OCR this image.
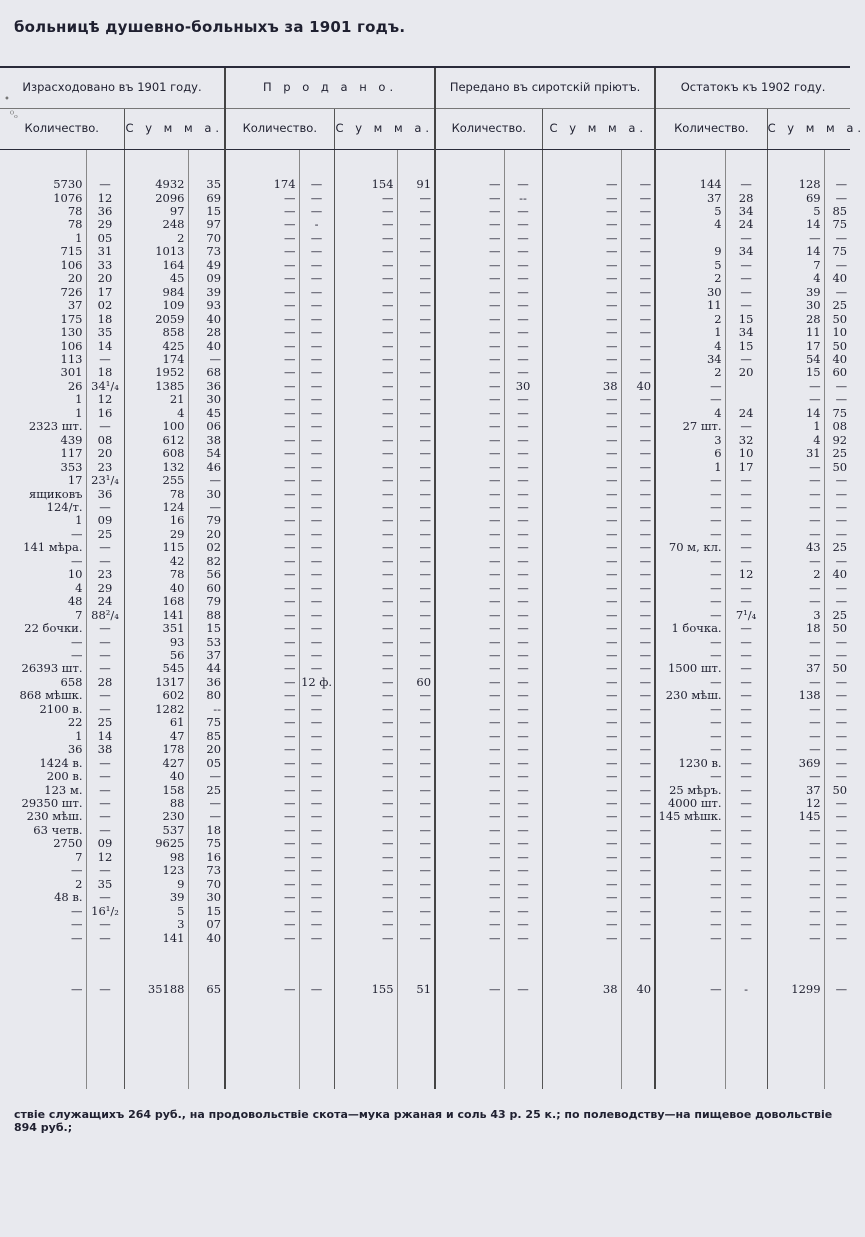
больницѣ душевно-больныхъ за 1901 годъ.
•
⁰ₒ
Израсходовано въ 1901 году.				П р о д а н о.				Передано въ сиротскій пріютъ.				Остатокъ къ 1902 году.			
Количество.		С у м м а.		Количество.		С у м м а.		Количество.		С у м м а.		Количество.		С у м м а.	

5730	—	4932	35	174	—	154	91	—	—	—	—	144	—	128	—
1076	12	2096	69	—	—	—	—	—	--	—	—	37	28	69	—
78	36	97	15	—	—	—	—	—	—	—	—	5	34	5	85
78	29	248	97	—	-	—	—	—	—	—	—	4	24	14	75
1	05	2	70	—	—	—	—	—	—	—	—		—	—	—
715	31	1013	73	—	—	—	—	—	—	—	—	9	34	14	75
106	33	164	49	—	—	—	—	—	—	—	—	5	—	7	—
20	20	45	09	—	—	—	—	—	—	—	—	2	—	4	40
726	17	984	39	—	—	—	—	—	—	—	—	30	—	39	—
37	02	109	93	—	—	—	—	—	—	—	—	11	—	30	25
175	18	2059	40	—	—	—	—	—	—	—	—	2	15	28	50
130	35	858	28	—	—	—	—	—	—	—	—	1	34	11	10
106	14	425	40	—	—	—	—	—	—	—	—	4	15	17	50
113	—	174	—	—	—	—	—	—	—	—	—	34	—	54	40
301	18	1952	68	—	—	—	—	—	—	—	—	2	20	15	60
26	34¹/₄	1385	36	—	—	—	—	—	30	38	40	—		—	—
1	12	21	30	—	—	—	—	—	—	—	—	—		—	—
1	16	4	45	—	—	—	—	—	—	—	—	4	24	14	75
2323 шт.	—	100	06	—	—	—	—	—	—	—	—	27 шт.	—	1	08
439	08	612	38	—	—	—	—	—	—	—	—	3	32	4	92
117	20	608	54	—	—	—	—	—	—	—	—	6	10	31	25
353	23	132	46	—	—	—	—	—	—	—	—	1	17	—	50
17	23¹/₄	255	—	—	—	—	—	—	—	—	—	—	—	—	—
ящиковъ	36	78	30	—	—	—	—	—	—	—	—	—	—	—	—
124/т.	—	124	—	—	—	—	—	—	—	—	—	—	—	—	—
1	09	16	79	—	—	—	—	—	—	—	—	—	—	—	—
—	25	29	20	—	—	—	—	—	—	—	—	—	—	—	—
141 мѣра.	—	115	02	—	—	—	—	—	—	—	—	70 м, кл.	—	43	25
—	—	42	82	—	—	—	—	—	—	—	—	—	—	—	—
10	23	78	56	—	—	—	—	—	—	—	—	—	12	2	40
4	29	40	60	—	—	—	—	—	—	—	—	—	—	—	—
48	24	168	79	—	—	—	—	—	—	—	—	—	—	—	—
7	88²/₄	141	88	—	—	—	—	—	—	—	—	—	7¹/₄	3	25
22 бочки.	—	351	15	—	—	—	—	—	—	—	—	1 бочка.	—	18	50
—	—	93	53	—	—	—	—	—	—	—	—	—	—	—	—
—	—	56	37	—	—	—	—	—	—	—	—	—	—	—	—
26393 шт.	—	545	44	—	—	—	—	—	—	—	—	1500 шт.	—	37	50
658	28	1317	36	—	12 ф.	—	60	—	—	—	—	—	—	—	—
868 мѣшк.	—	602	80	—	—	—	—	—	—	—	—	230 мѣш.	—	138	—
2100 в.	—	1282	--	—	—	—	—	—	—	—	—	—	—	—	—
22	25	61	75	—	—	—	—	—	—	—	—	—	—	—	—
1	14	47	85	—	—	—	—	—	—	—	—	—	—	—	—
36	38	178	20	—	—	—	—	—	—	—	—	—	—	—	—
1424 в.	—	427	05	—	—	—	—	—	—	—	—	1230 в.	—	369	—
200 в.	—	40	—	—	—	—	—	—	—	—	—	—	—	—	—
123 м.	—	158	25	—	—	—	—	—	—	—	—	25 мѣръ.	—	37	50
29350 шт.	—	88	—	—	—	—	—	—	—	—	—	4000 шт.	—	12	—
230 мѣш.	—	230	—	—	—	—	—	—	—	—	—	145 мѣшк.	—	145	—
63 четв.	—	537	18	—	—	—	—	—	—	—	—	—	—	—	—
2750	09	9625	75	—	—	—	—	—	—	—	—	—	—	—	—
7	12	98	16	—	—	—	—	—	—	—	—	—	—	—	—
—	—	123	73	—	—	—	—	—	—	—	—	—	—	—	—
2	35	9	70	—	—	—	—	—	—	—	—	—	—	—	—
48 в.	—	39	30	—	—	—	—	—	—	—	—	—	—	—	—
—	16¹/₂	5	15	—	—	—	—	—	—	—	—	—	—	—	—
—	—	3	07	—	—	—	—	—	—	—	—	—	—	—	—
—	—	141	40	—	—	—	—	—	—	—	—	—	—	—	—

—	—	35188	65	—	—	155	51	—	—	38	40	—	-	1299	—

ствіе служащихъ 264 руб., на продовольствіе скота—мука ржаная и соль 43 р. 25 к.; по полеводству—на пищевое довольствіе 894 руб.;
